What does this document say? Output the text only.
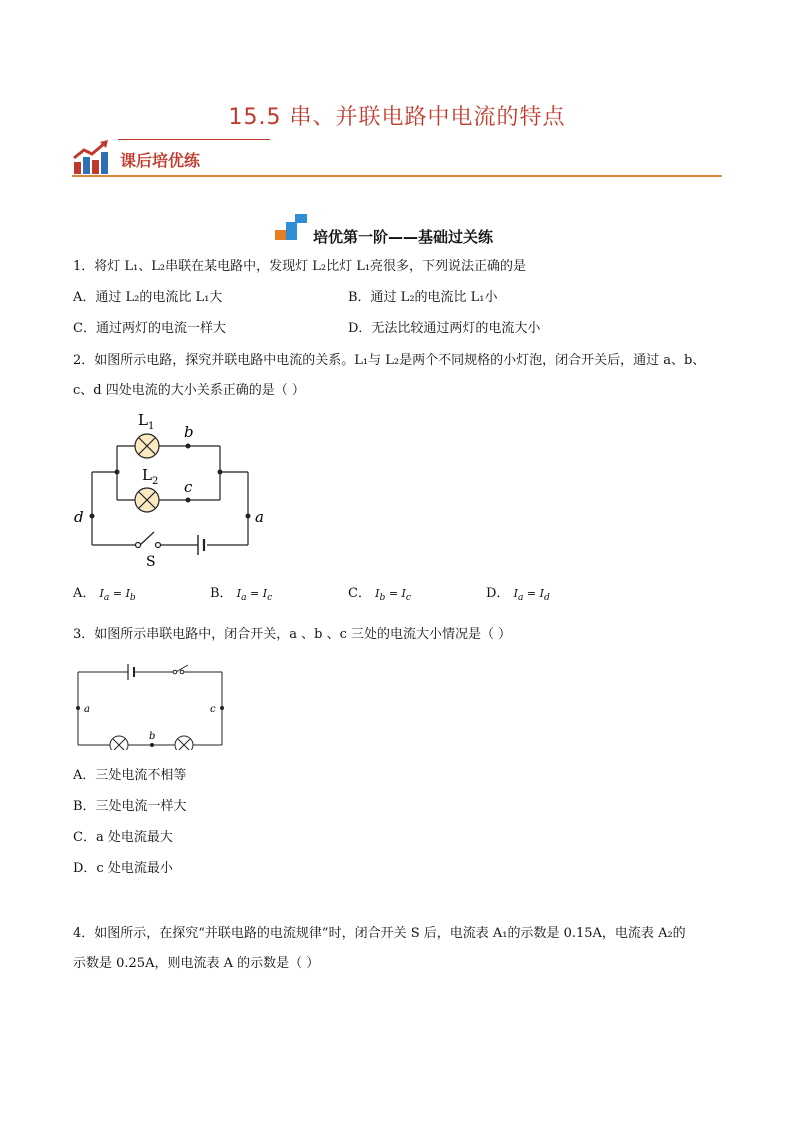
15.5 串、并联电路中电流的特点
课后培优练
培优第一阶——基础过关练
1．将灯 L₁、L₂串联在某电路中，发现灯 L₂比灯 L₁亮很多，下列说法正确的是
A．通过 L₂的电流比 L₁大	B．通过 L₂的电流比 L₁小
C．通过两灯的电流一样大	D．无法比较通过两灯的电流大小
2．如图所示电路，探究并联电路中电流的关系。L₁与 L₂是两个不同规格的小灯泡，闭合开关后，通过 a、b、
c、d 四处电流的大小关系正确的是（ ）
$L_1$
$L_2$
b
c
d	a
S
A． $I_a = I_b$	B． $I_a = I_c$	C． $I_b = I_c$	D． $I_a = I_d$
3．如图所示串联电路中，闭合开关，a 、b 、c 三处的电流大小情况是（ ）
a	c
b
A．三处电流不相等
B．三处电流一样大
C．a 处电流最大
D．c 处电流最小
4．如图所示，在探究“并联电路的电流规律”时，闭合开关 S 后，电流表 A₁的示数是 0.15A，电流表 A₂的
示数是 0.25A，则电流表 A 的示数是（ ）
